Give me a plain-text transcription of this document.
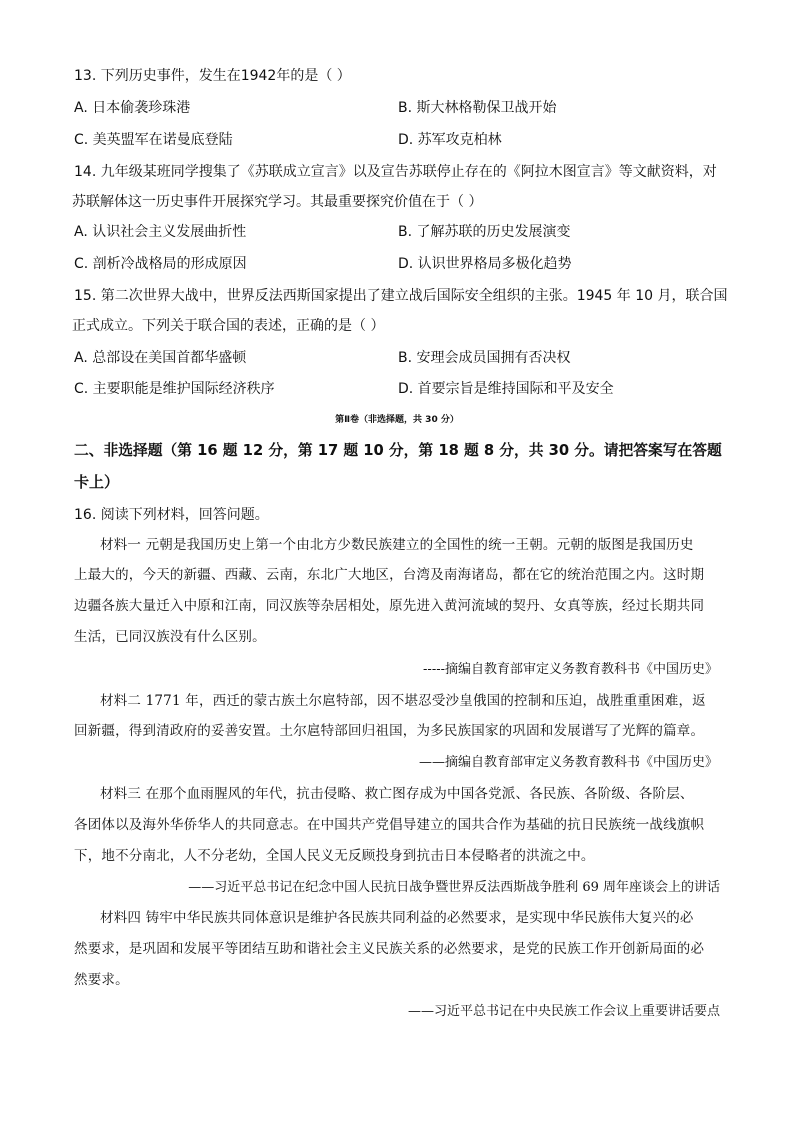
13. 下列历史事件，发生在1942年的是（ ）
A. 日本偷袭珍珠港	B. 斯大林格勒保卫战开始
C. 美英盟军在诺曼底登陆	D. 苏军攻克柏林
14. 九年级某班同学搜集了《苏联成立宣言》以及宣告苏联停止存在的《阿拉木图宣言》等文献资料，对
苏联解体这一历史事件开展探究学习。其最重要探究价值在于（ ）
A. 认识社会主义发展曲折性	B. 了解苏联的历史发展演变
C. 剖析冷战格局的形成原因	D. 认识世界格局多极化趋势
15. 第二次世界大战中，世界反法西斯国家提出了建立战后国际安全组织的主张。1945 年 10 月，联合国
正式成立。下列关于联合国的表述，正确的是（ ）
A. 总部设在美国首都华盛顿	B. 安理会成员国拥有否决权
C. 主要职能是维护国际经济秩序	D. 首要宗旨是维持国际和平及安全
第Ⅱ卷（非选择题，共 30 分）
二、非选择题（第 16 题 12 分，第 17 题 10 分，第 18 题 8 分，共 30 分。请把答案写在答题
卡上）
16. 阅读下列材料，回答问题。
材料一 元朝是我国历史上第一个由北方少数民族建立的全国性的统一王朝。元朝的版图是我国历史
上最大的，今天的新疆、西藏、云南，东北广大地区，台湾及南海诸岛，都在它的统治范围之内。这时期
边疆各族大量迁入中原和江南，同汉族等杂居相处，原先进入黄河流域的契丹、女真等族，经过长期共同
生活，已同汉族没有什么区别。
-----摘编自教育部审定义务教育教科书《中国历史》
材料二 1771 年，西迁的蒙古族土尔扈特部，因不堪忍受沙皇俄国的控制和压迫，战胜重重困难，返
回新疆，得到清政府的妥善安置。土尔扈特部回归祖国，为多民族国家的巩固和发展谱写了光辉的篇章。
——摘编自教育部审定义务教育教科书《中国历史》
材料三 在那个血雨腥风的年代，抗击侵略、救亡图存成为中国各党派、各民族、各阶级、各阶层、
各团体以及海外华侨华人的共同意志。在中国共产党倡导建立的国共合作为基础的抗日民族统一战线旗帜
下，地不分南北，人不分老幼，全国人民义无反顾投身到抗击日本侵略者的洪流之中。
——习近平总书记在纪念中国人民抗日战争暨世界反法西斯战争胜利 69 周年座谈会上的讲话
材料四 铸牢中华民族共同体意识是维护各民族共同利益的必然要求，是实现中华民族伟大复兴的必
然要求，是巩固和发展平等团结互助和谐社会主义民族关系的必然要求，是党的民族工作开创新局面的必
然要求。
——习近平总书记在中央民族工作会议上重要讲话要点
